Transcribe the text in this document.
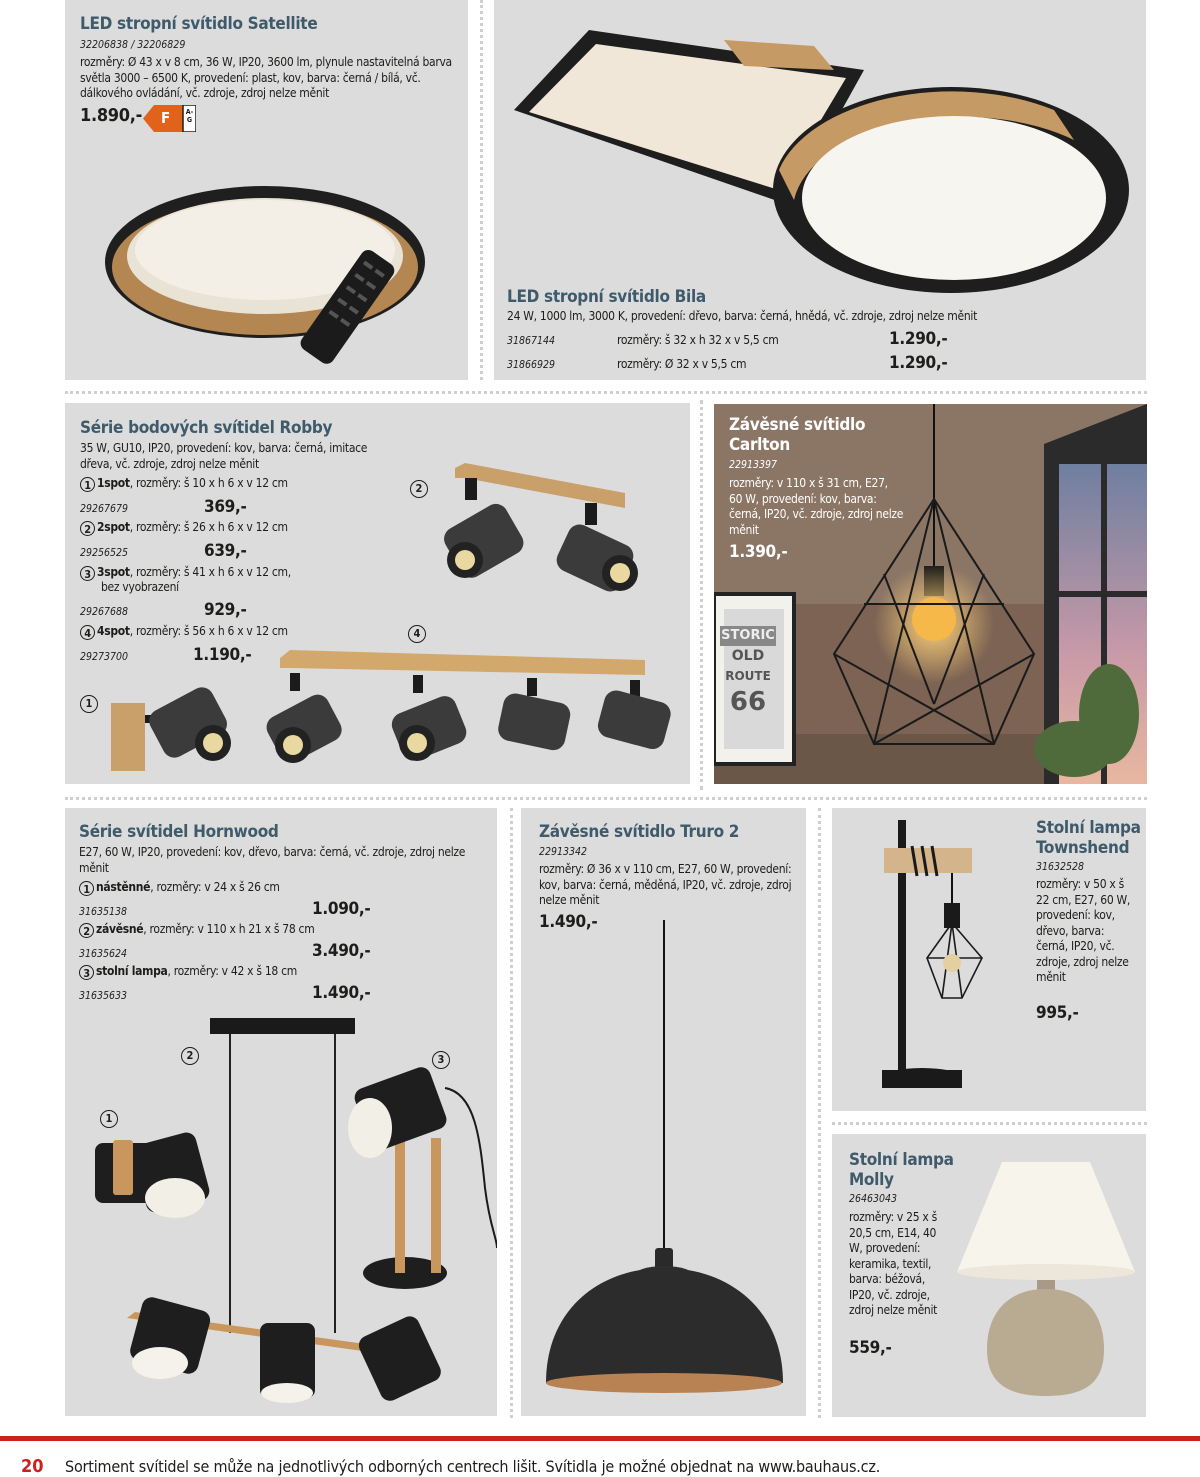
LED stropní svítidlo Satellite
32206838 / 32206829
rozměry: Ø 43 x v 8 cm, 36 W, IP20, 3600 lm, plynule nastavitelná barva světla 3000 – 6500 K, provedení: plast, kov, barva: černá / bílá, vč. dálkového ovládání, vč. zdroje, zdroj nelze měnit
1.890,- F A-G
LED stropní svítidlo Bila
24 W, 1000 lm, 3000 K, provedení: dřevo, barva: černá, hnědá, vč. zdroje, zdroj nelze měnit
31867144	rozměry: š 32 x h 32 x v 5,5 cm	1.290,-
31866929	rozměry: Ø 32 x v 5,5 cm	1.290,-
Série bodových svítidel Robby
35 W, GU10, IP20, provedení: kov, barva: černá, imitace dřeva, vč. zdroje, zdroj nelze měnit
1 1spot, rozměry: š 10 x h 6 x v 12 cm
29267679	369,-
2 2spot, rozměry: š 26 x h 6 x v 12 cm
29256525	639,-
3 3spot, rozměry: š 41 x h 6 x v 12 cm,
bez vyobrazení
29267688	929,-
4 4spot, rozměry: š 56 x h 6 x v 12 cm
29273700	1.190,-
1
2
4	STORIC
OLD
ROUTE
66
Závěsné svítidlo
Carlton
22913397
rozměry: v 110 x š 31 cm, E27, 60 W, provedení: kov, barva: černá, IP20, vč. zdroje, zdroj nelze měnit
1.390,-
Série svítidel Hornwood
E27, 60 W, IP20, provedení: kov, dřevo, barva: černá, vč. zdroje, zdroj nelze měnit
1 nástěnné, rozměry: v 24 x š 26 cm
31635138	1.090,-
2 závěsné, rozměry: v 110 x h 21 x š 78 cm
31635624	3.490,-
3 stolní lampa, rozměry: v 42 x š 18 cm
31635633	1.490,-
1
2	3
Závěsné svítidlo Truro 2
22913342
rozměry: Ø 36 x v 110 cm, E27, 60 W, provedení: kov, barva: černá, měděná, IP20, vč. zdroje, zdroj nelze měnit
1.490,-
Stolní lampa
Townshend
31632528
rozměry: v 50 x š 22 cm, E27, 60 W, provedení: kov, dřevo, barva: černá, IP20, vč. zdroje, zdroj nelze měnit
995,-
Stolní lampa
Molly
26463043
rozměry: v 25 x š 20,5 cm, E14, 40 W, provedení: keramika, textil, barva: béžová, IP20, vč. zdroje, zdroj nelze měnit
559,-
20 Sortiment svítidel se může na jednotlivých odborných centrech lišit. Svítidla je možné objednat na www.bauhaus.cz.
